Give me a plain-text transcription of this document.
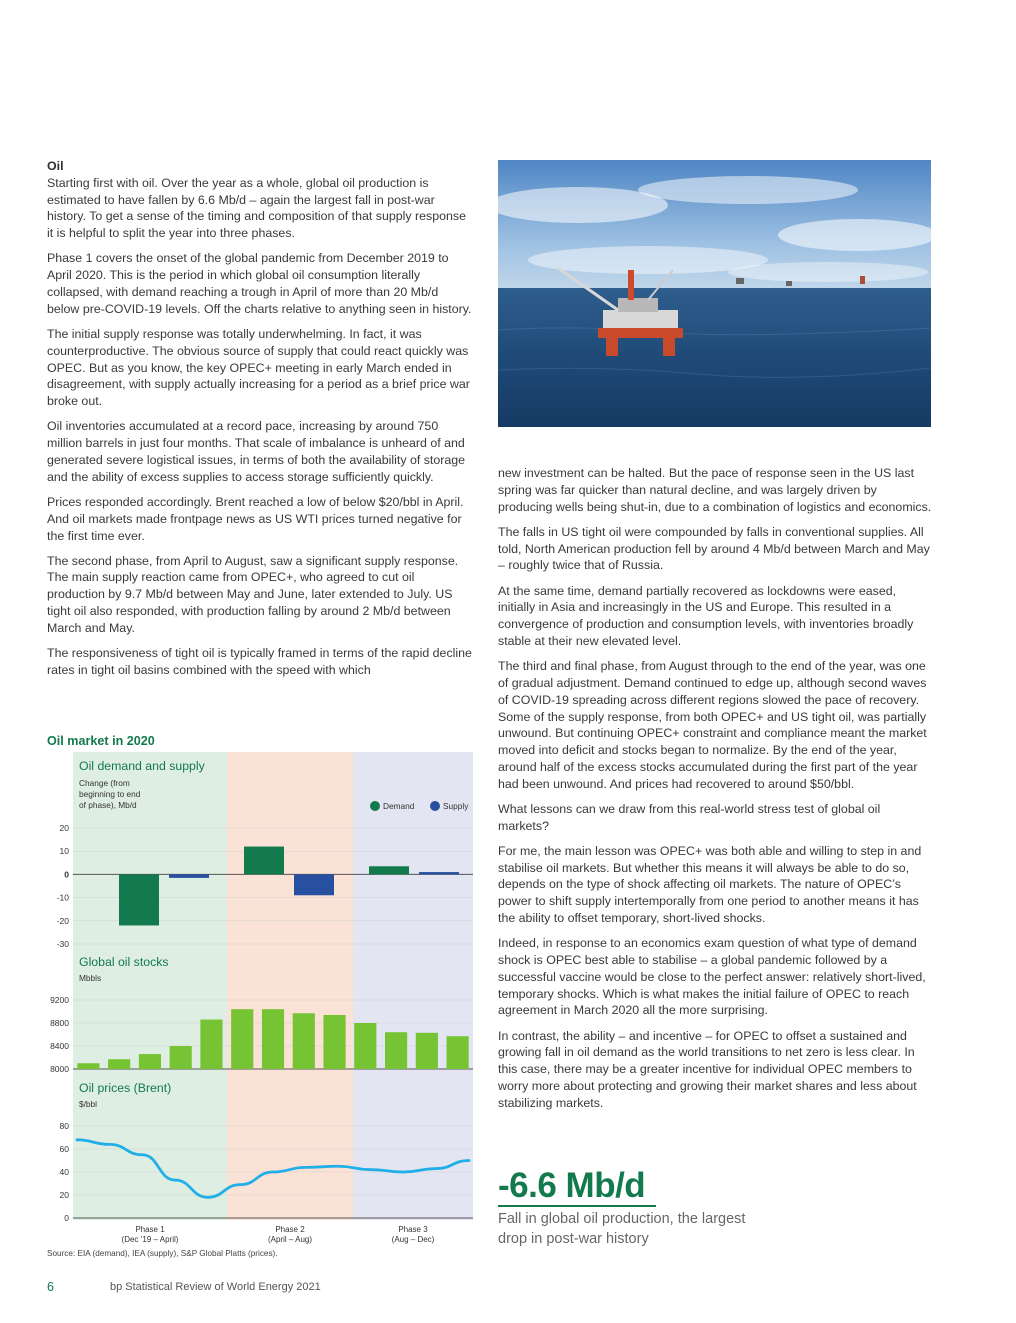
Oil

Starting first with oil. Over the year as a whole, global oil production is estimated to have fallen by 6.6 Mb/d – again the largest fall in post-war history. To get a sense of the timing and composition of that supply response it is helpful to split the year into three phases.

Phase 1 covers the onset of the global pandemic from December 2019 to April 2020. This is the period in which global oil consumption literally collapsed, with demand reaching a trough in April of more than 20 Mb/d below pre-COVID-19 levels. Off the charts relative to anything seen in history.

The initial supply response was totally underwhelming. In fact, it was counterproductive. The obvious source of supply that could react quickly was OPEC. But as you know, the key OPEC+ meeting in early March ended in disagreement, with supply actually increasing for a period as a brief price war broke out.

Oil inventories accumulated at a record pace, increasing by around 750 million barrels in just four months. That scale of imbalance is unheard of and generated severe logistical issues, in terms of both the availability of storage and the ability of excess supplies to access storage sufficiently quickly.

Prices responded accordingly. Brent reached a low of below $20/bbl in April. And oil markets made frontpage news as US WTI prices turned negative for the first time ever.

The second phase, from April to August, saw a significant supply response. The main supply reaction came from OPEC+, who agreed to cut oil production by 9.7 Mb/d between May and June, later extended to July. US tight oil also responded, with production falling by around 2 Mb/d between March and May.

The responsiveness of tight oil is typically framed in terms of the rapid decline rates in tight oil basins combined with the speed with which

new investment can be halted. But the pace of response seen in the US last spring was far quicker than natural decline, and was largely driven by producing wells being shut-in, due to a combination of logistics and economics.

The falls in US tight oil were compounded by falls in conventional supplies. All told, North American production fell by around 4 Mb/d between March and May – roughly twice that of Russia.

At the same time, demand partially recovered as lockdowns were eased, initially in Asia and increasingly in the US and Europe. This resulted in a convergence of production and consumption levels, with inventories broadly stable at their new elevated level.

The third and final phase, from August through to the end of the year, was one of gradual adjustment. Demand continued to edge up, although second waves of COVID-19 spreading across different regions slowed the pace of recovery. Some of the supply response, from both OPEC+ and US tight oil, was partially unwound. But continuing OPEC+ constraint and compliance meant the market moved into deficit and stocks began to normalize. By the end of the year, around half of the excess stocks accumulated during the first part of the year had been unwound. And prices had recovered to around $50/bbl.

What lessons can we draw from this real-world stress test of global oil markets?

For me, the main lesson was OPEC+ was both able and willing to step in and stabilise oil markets. But whether this means it will always be able to do so, depends on the type of shock affecting oil markets. The nature of OPEC’s power to shift supply intertemporally from one period to another means it has the ability to offset temporary, short-lived shocks.

Indeed, in response to an economics exam question of what type of demand shock is OPEC best able to stabilise – a global pandemic followed by a successful vaccine would be close to the perfect answer: relatively short-lived, temporary shocks. Which is what makes the initial failure of OPEC to reach agreement in March 2020 all the more surprising.

In contrast, the ability – and incentive – for OPEC to offset a sustained and growing fall in oil demand as the world transitions to net zero is less clear. In this case, there may be a greater incentive for individual OPEC members to worry more about protecting and growing their market shares and less about stabilizing markets.

-6.6 Mb/d
Fall in global oil production, the largest drop in post-war history
Oil market in 2020
Oil demand and supply
Change (from
beginning to end
of phase), Mb/d
20
10
0
-10
-20
-30
Demand	Supply
Global oil stocks
Mbbls
9200
8800
8400
8000
Oil prices (Brent)
$/bbl
80
60
40
20
0
Phase 1
(Dec ’19 – April)
Phase 2
(April – Aug)
Phase 3
(Aug – Dec)
Source: EIA (demand), IEA (supply), S&P Global Platts (prices).
6	bp Statistical Review of World Energy 2021
